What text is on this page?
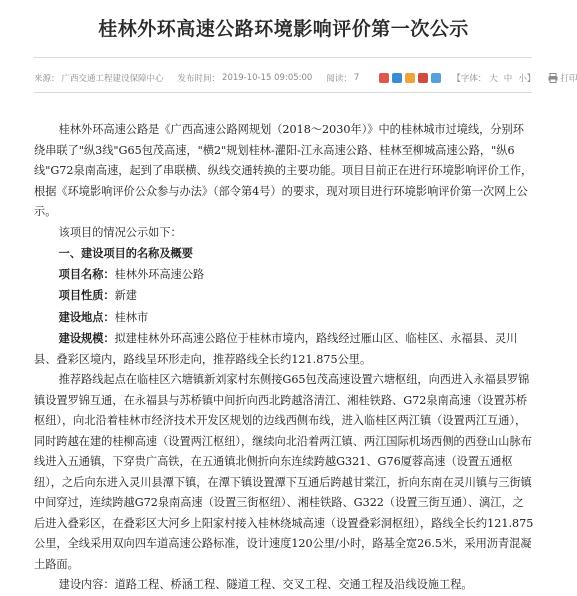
桂林外环高速公路环境影响评价第一次公示
来源： 广西交通工程建设保障中心 发布时间： 2019-10-15 09:05:00 阅读： 7	【字体： 大 中 小】	打印

桂林外环高速公路是《广西高速公路网规划（2018～2030年）》中的桂林城市过境线，分别环绕串联了"纵3线"G65包茂高速，"横2"规划桂林-灌阳-江永高速公路、桂林至柳城高速公路，"纵6线"G72泉南高速，起到了串联横、纵线交通转换的主要功能。项目目前正在进行环境影响评价工作，根据《环境影响评价公众参与办法》（部令第4号）的要求，现对项目进行环境影响评价第一次网上公示。

该项目的情况公示如下：

一、建设项目的名称及概要

项目名称：桂林外环高速公路

项目性质：新建

建设地点：桂林市

建设规模：拟建桂林外环高速公路位于桂林市境内，路线经过雁山区、临桂区、永福县、灵川县、叠彩区境内，路线呈环形走向，推荐路线全长约121.875公里。

推荐路线起点在临桂区六塘镇新刘家村东侧接G65包茂高速设置六塘枢纽，向西进入永福县罗锦镇设置罗锦互通，在永福县与苏桥镇中间折向西北跨越洛清江、湘桂铁路、G72泉南高速（设置苏桥枢纽），向北沿着桂林市经济技术开发区规划的边线西侧布线，进入临桂区两江镇（设置两江互通），同时跨越在建的桂柳高速（设置两江枢纽），继续向北沿着两江镇、两江国际机场西侧的西登山山脉布线进入五通镇，下穿贵广高铁，在五通镇北侧折向东连续跨越G321、G76厦蓉高速（设置五通枢纽），之后向东进入灵川县潭下镇，在潭下镇设置潭下互通后跨越甘棠江，折向东南在灵川镇与三街镇中间穿过，连续跨越G72泉南高速（设置三街枢纽）、湘桂铁路、G322（设置三街互通）、漓江，之后进入叠彩区，在叠彩区大河乡上阳家村接入桂林绕城高速（设置叠彩洞枢纽），路线全长约121.875公里，全线采用双向四车道高速公路标准，设计速度120公里/小时，路基全宽26.5米，采用沥青混凝土路面。

建设内容：道路工程、桥涵工程、隧道工程、交叉工程、交通工程及沿线设施工程。
